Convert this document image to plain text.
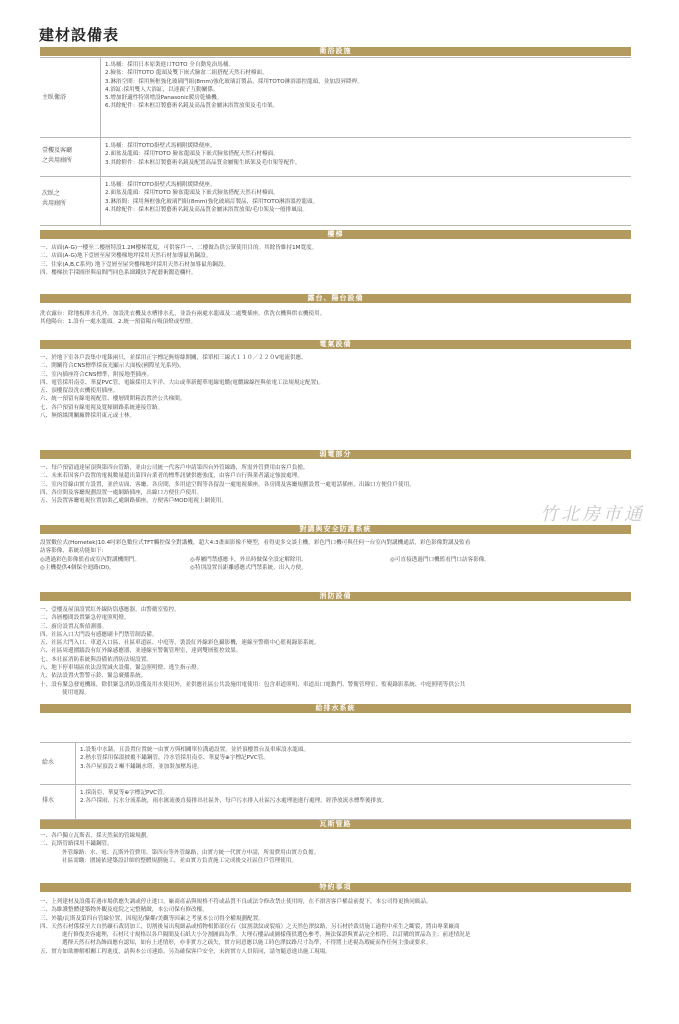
建材設備表
衛浴設施
主臥衛浴
1.馬桶：採用日本原裝進口TOTO 全自動免治馬桶。
2.臉盆：採用TOTO 龍頭及雙下嵌式臉盆二組搭配天然石材檯面。
3.淋浴空間：採用無框強化玻璃門組(8mm)強化玻璃訂製品，採用TOTO淋浴溫控龍頭，並加設昇降桿。
4.浴缸:採用雙人大浴缸，以達親子互動關係。
5.增加舒適性特別增設Panasonic暖房乾燥機。
6.其餘配件：採木框訂製藝術名鏡及高品質金屬沐浴置放架及毛巾架。
壹樓及客廳
之共用廁所
1.馬桶：採用TOTO掛壁式馬桶附緩降便座。
2.面盆及龍頭：採用TOTO 臉盆龍頭及下嵌式臉盆搭配天然石材檯面。
3.其餘附件：採木框訂製藝術名鏡及配置高品質金屬衛生紙架及毛巾架等配件。
次臥之
共用廁所
1.馬桶：採用TOTO掛壁式馬桶附緩降便座。
2.面盆及龍頭：採用TOTO 臉盆龍頭及下嵌式臉盆搭配天然石材檯面。
3.淋浴間：採用無框強化玻璃門組(8mm)強化玻璃訂製品，採用TOTO淋浴溫控龍頭。
4.其餘配件：採木框訂製藝術名鏡及高品質金屬沐浴置放架/毛巾架及一般排風扇。
樓梯
一、店面(A-G)一樓至二樓層特設1.2M樓梯寬度，可供客戶一、二樓做為供公眾使用目的。其餘皆維持1M寬度。
二、店面(A-G)地下壹層至屋突樓梯地坪採用天然石材加導鼠角鋼設。
三、住家(A,B,C系列) 地下壹層至屋突樓梯地坪採用天然石材加導鼠角鋼設。
四、樓梯扶手採圓形與扇間門同色系細鐵扶手配藝術鍛造欄杆。
露台、陽台設備
洗衣露台：除地板排水孔外，加設洗衣機及水槽排水孔，並設有兩處水龍頭及二處雙插座，供洗衣機與烘衣機使用。
其他陽台：1.設有一處水龍頭。2.統一預留陽台吸頂燈或壁燈。
電氣設備
一、於地下室各戶設集中電錶兩只，並採用正字標記無熔絲開關，採單相三線式１１０／２２０V電流供應。
二、開關符合CNS標準採夜光顯示大面板(國際星光系列)。
三、室內插座符合CNS標準，附接地型插座。
四、電管採用南亞、華夏PVC管，電線採用太平洋、大山或華新麗華電線電纜(電纜線線徑與依電工法規規定配置)。
五、頂樓留設洗衣機使用插座。
六、統一預留有線電視配管、樓層間開箱設置於公共梯間。
七、各戶預留有線電視及寬頻網路系統連接管路。
八、無熔絲開關廠牌採用東元或士林。
弱電部分
一、每戶預留通達屋頂與第四台管路，並由公司統一代客戶申請第四台外管線路，所需外管費用由客戶負擔。
二、未來若因客戶設置的電視數量超出第四台業者的標準訊號供應強度，由客戶自行與業者議定強波處理。
三、室內管線由實方設置，並於店面、客廳、各房間，多用途空間等各留設一處電視插座。各房間及客廳規劃設置一處電話插座，出線口方便住戶使用。
四、各房間及客廳規劃設置一處網路插座，出線口方便住戶使用。
五、另設置客廳電視位置加裝乙處網路插座，方便客戶MOD電視上網使用。
對講與安全防護系統
設置數位式(Hometek)10.4吋彩色數位式TFT觸控保全對講機，超大4:3畫面影像不變型，看得更多交談主機，彩色門口機可與任何一台室內對講機通話，彩色影像對講及監看
訪客影像，系統功能如下：
◎透過彩色影像監看或室內對講機開門。	◎專屬門禁感應卡，外出時做保全設定解除用。	◎可直接透過門口機監看門口訪客影像。
◎主機提供4個保全迴路(DI)。	◎特別設置長距離感應式門禁系統，出入方便。
消防設備
一、壹樓及屋頂設置紅外線防盜感應器，由警衛室監控。
二、各層樓間設置緊急停電照明燈。
三、廚房設置瓦斯偵測器。
四、社區入口大門設有感應刷卡門禁管制設備。
五、社區大門入口、車道入口區、社區車道區、中庭等，裝設紅外線彩色攝影機，連線至警衛中心監視錄影系統。
六、社區周邊圍牆設有紅外線感應器，並連線至警衛管理室，達到雙層監控效果。
七、本社區消防系統與設備依消防法規設置。
八、地下停車場區依法設置減火設備、緊急照明燈、逃生指示燈。
九、依法設置火警警示鈴、緊急廣播系統。
十、設有緊急發電機組，除供緊急消防設備及用水使用外，並供應社區公共設施用電使用：包含車道照明、車道出口電動門、警衛管理室、監視錄影系統、中庭照明等供公共
使用電源。
給排水系統
給水
1.設集中水錶，且設置位置統一由實方與相關單位溝通設置，並於頂樓置台及車庫設水龍頭。
2.熱水管採用保溫披覆不鏽鋼管，冷水管採用南亞、華夏等⊕字標記PVC管。
3.各戶屋頂設２噸不鏽鋼水塔，並加裝加壓馬達。
排水
1.採南亞、華夏等⊕字標記PVC管。
2.各戶採雨、污水分流系統，雨水匯流後直接排出社區外，每戶污水排入社區污水處理池進行處理，經淨放流水標準後排放。
瓦斯管路
一、各戶獨立瓦斯表，採天然氣的管線規劃。
二、瓦斯管路採用不鏽鋼管。
外管線路：水、電、瓦斯外管費用、第四台等外管線路，由實方統一代實方申請，所需費用由實方負擔。
社區需繳：圍繞依建築設計師的整體規劃施工，並由實方負責施工完成後交社區住戶管理使用。
特約事項
一、上列建材及設備若遇市場供應失調或停止進口，廠商產品與規格不符或品質不良或法令修改禁止使用時，在不損害客戶權益前提下，本公司得更換同級品。
二、為維護整體建築物外觀及庭院之完整精緻，本公司保有修改權。
三、外牆/瓦斯及第四台管線位置，因現況/緊鄰/美觀等因素之考量本公司得全權規劃配置。
四、天然石材係採至大自然礦石裁切加工，切割後易出現細晶或植物根節部位石（紋割款紋或裂痕）之天然色澤紋路，另石材於裁切施工過程中產生之斷裂，將由專業廠商
進行修復美容處理，石材尺寸規格以各戶隔間及石紙大小分割圖面為準。大理石樓品或圖樣僅供選色參考，無法保證與實品完全相符，以訂購的實品為主；前述情況是
選擇天然石材為飾面應有認知，如有上述情形，亦非實方之疏失，實方同意應以施工時色澤紋路尺寸為準，不得將上述視為瑕疵而作任何主張或要求。
五、實方如欲辦解相關工程進度，請與本公司連絡，另為確保客戶安全，未經實方人員陪同，請勿隨意進出施工現場。
竹北房市通
